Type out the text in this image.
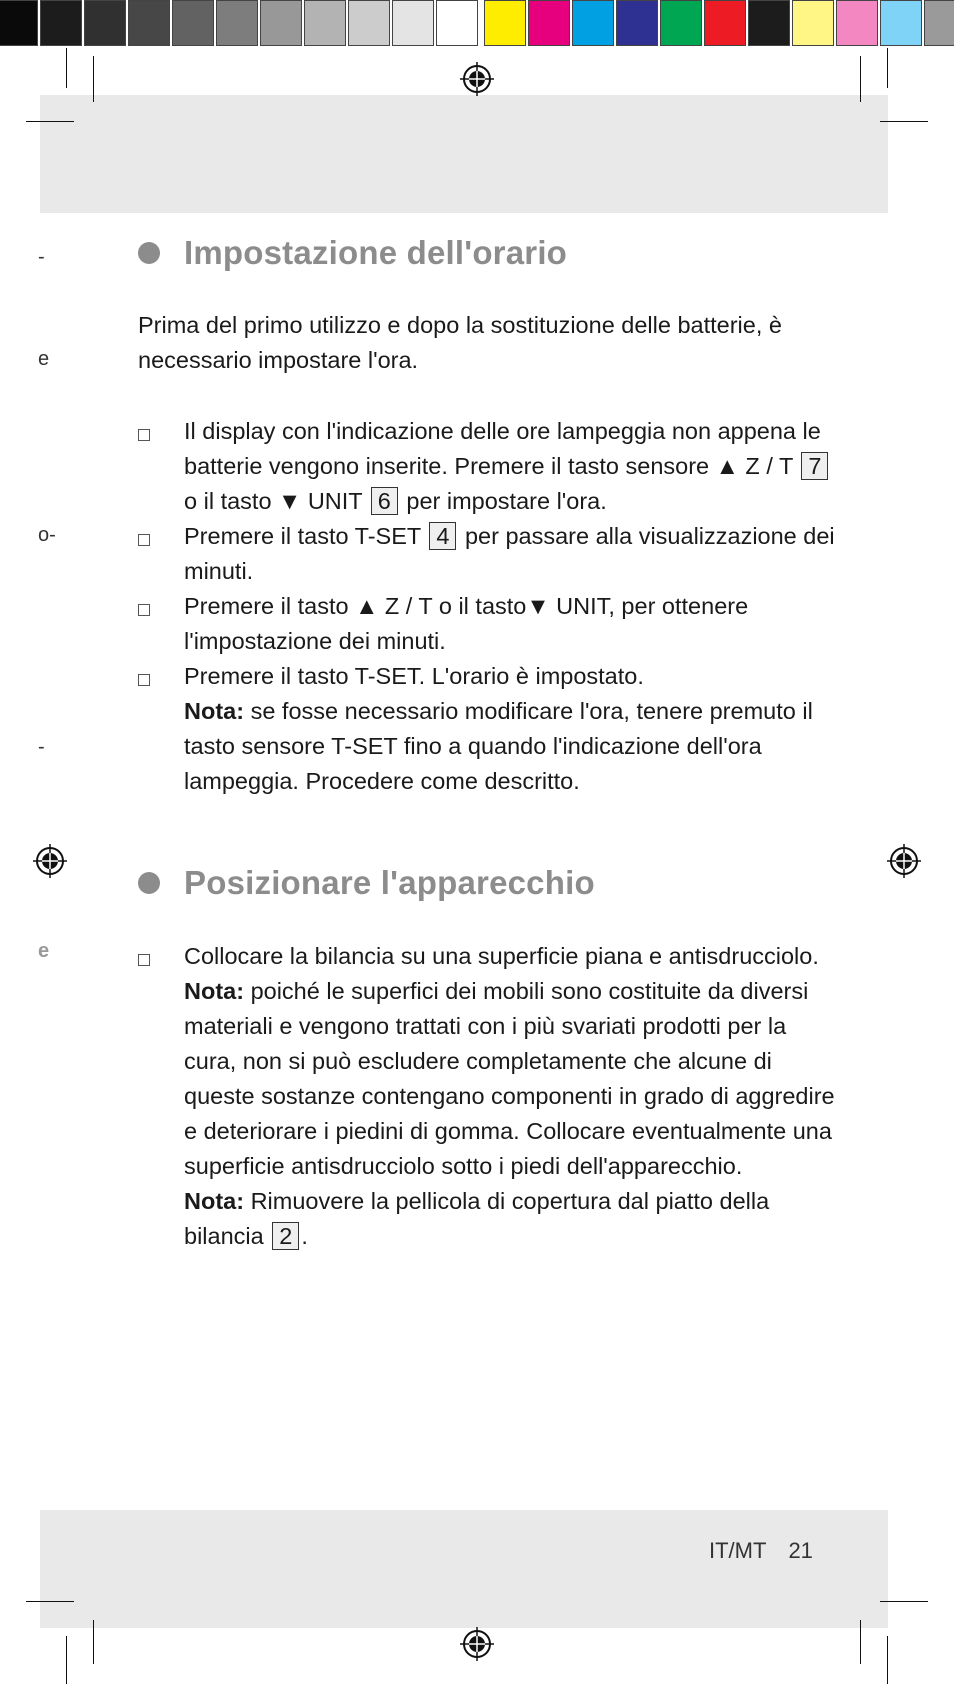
-
e
o-
-
e
Impostazione dell'orario
Prima del primo utilizzo e dopo la sostituzione delle batterie, è necessario impostare l'ora.
Il display con l'indicazione delle ore lampeggia non appena le batterie vengono inserite. Premere il tasto sensore ▲ Z / T 7 o il tasto ▼ UNIT 6 per impostare l'ora.
Premere il tasto T-SET 4 per passare alla visualizzazione dei minuti.
Premere il tasto ▲ Z / T o il tasto▼ UNIT, per ottenere l'impostazione dei minuti.
Premere il tasto T-SET. L'orario è impostato.
Nota: se fosse necessario modificare l'ora, tenere premuto il tasto sensore T-SET fino a quando l'indicazione dell'ora lampeggia. Procedere come descritto.
Posizionare l'apparecchio
Collocare la bilancia su una superficie piana e antisdrucciolo.
Nota: poiché le superfici dei mobili sono costituite da diversi materiali e vengono trattati con i più svariati prodotti per la cura, non si può escludere completamente che alcune di queste sostanze contengano componenti in grado di aggredire e deteriorare i piedini di gomma. Collocare eventualmente una superficie antisdrucciolo sotto i piedi dell'apparecchio.
Nota: Rimuovere la pellicola di copertura dal piatto della bilancia 2 .
IT/MT 21
